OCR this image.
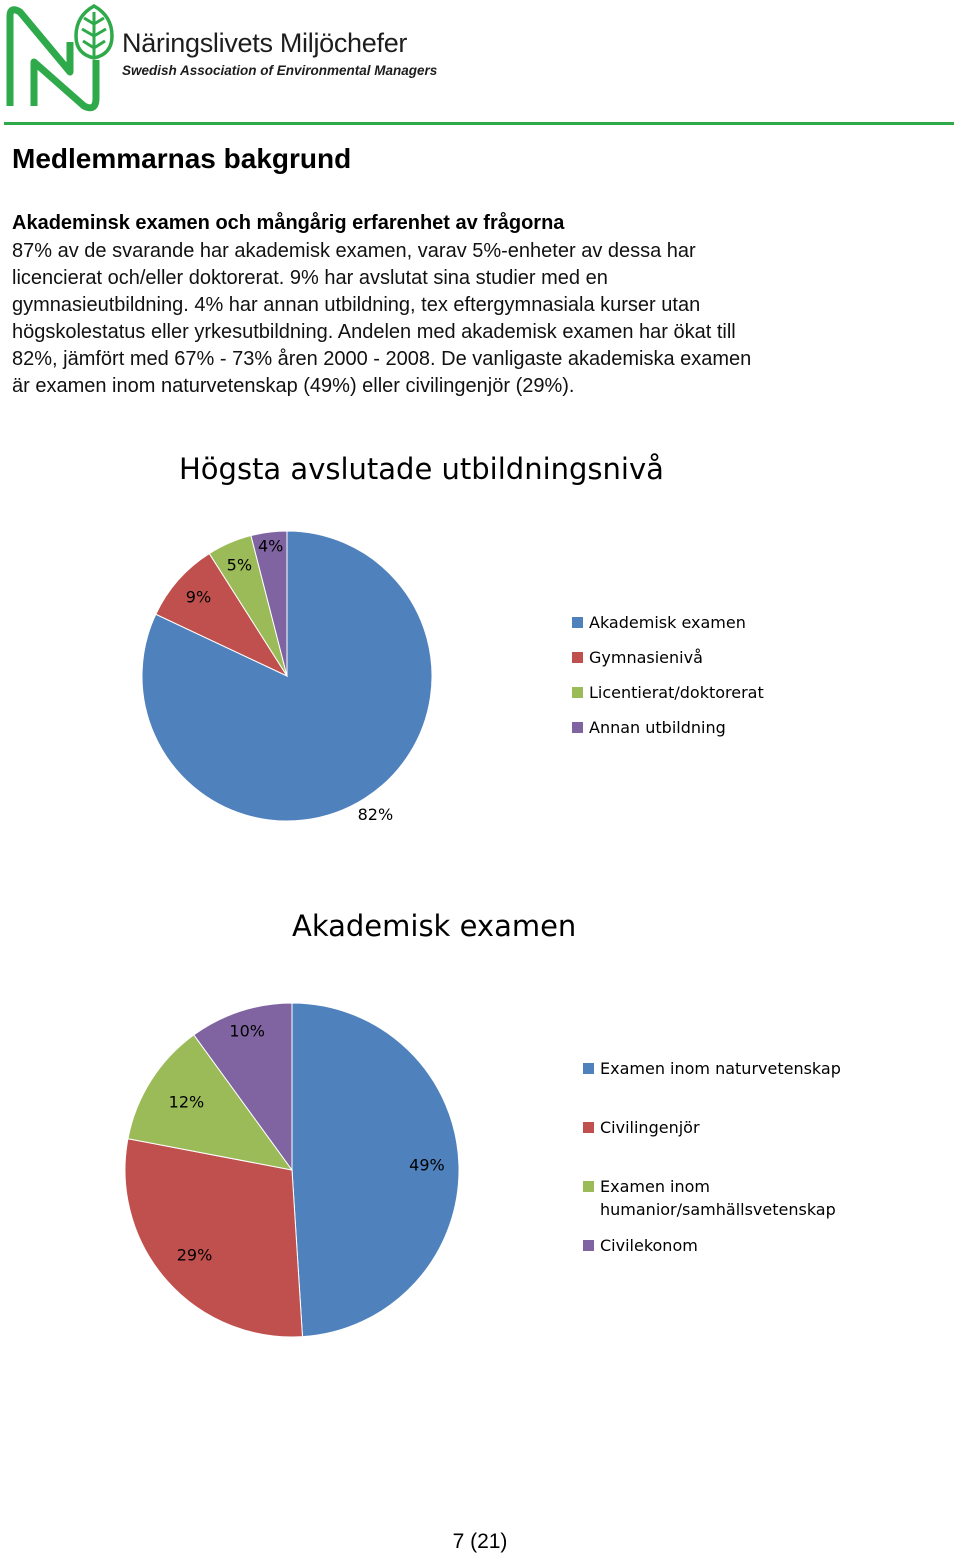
Näringslivets Miljöchefer
Swedish Association of Environmental Managers
Medlemmarnas bakgrund
Akademinsk examen och mångårig erfarenhet av frågorna
87% av de svarande har akademisk examen, varav 5%-enheter av dessa har
licencierat och/eller doktorerat. 9% har avslutat sina studier med en
gymnasieutbildning. 4% har annan utbildning, tex eftergymnasiala kurser utan
högskolestatus eller yrkesutbildning. Andelen med akademisk examen har ökat till
82%, jämfört med 67% - 73% åren 2000 - 2008. De vanligaste akademiska examen
är examen inom naturvetenskap (49%) eller civilingenjör (29%).
Högsta avslutade utbildningsnivå
82%
9%
5%
4%
Akademisk examen
Gymnasienivå
Licentierat/doktorerat
Annan utbildning
Akademisk examen
49%
29%
12%
10%
Examen inom naturvetenskap
Civilingenjör
Examen inom
humanior/samhällsvetenskap
Civilekonom
7 (21)
